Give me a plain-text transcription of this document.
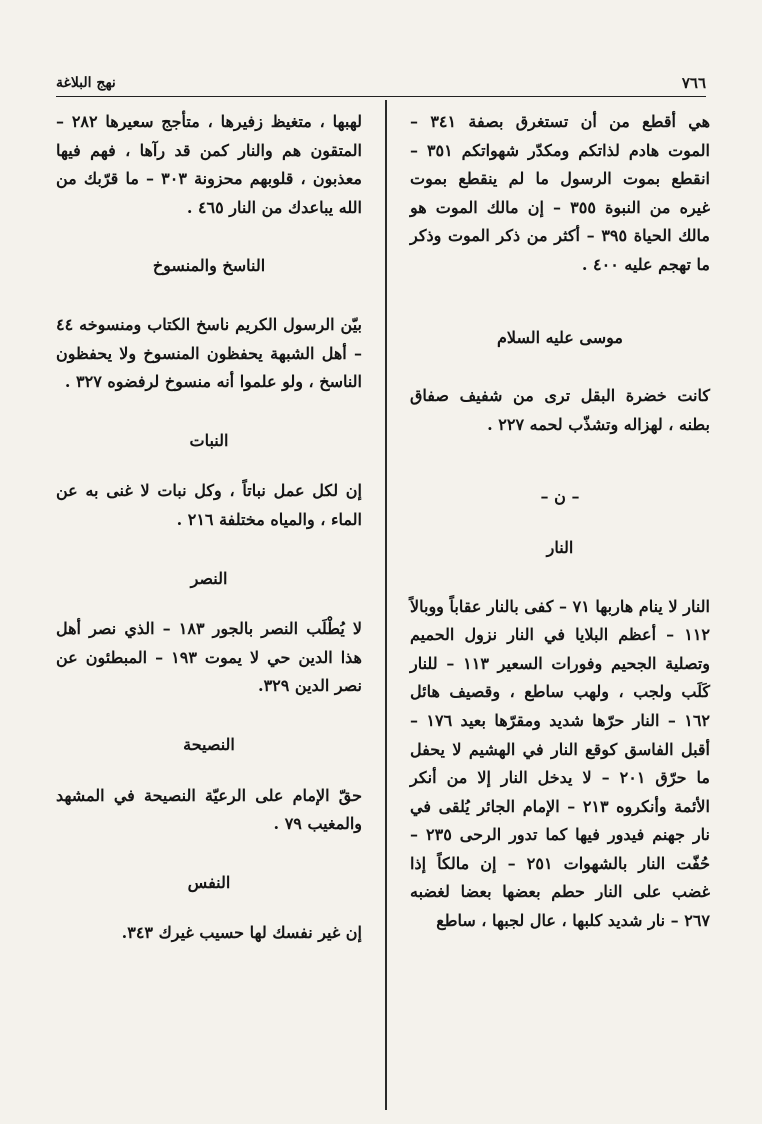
٧٦٦
نهج البلاغة

هي أقطع من أن تستغرق بصفة ٣٤١ – الموت هادم لذاتكم ومكدّر شهواتكم ٣٥١ – انقطع بموت الرسول ما لم ينقطع بموت غيره من النبوة ٣٥٥ – إن مالك الموت هو مالك الحياة ٣٩٥ – أكثر من ذكر الموت وذكر ما تهجم عليه ٤٠٠ .

موسى عليه السلام

كانت خضرة البقل ترى من شفيف صفاق بطنه ، لهزاله وتشذّب لحمه ٢٢٧ .

– ن –
النار

النار لا ينام هاربها ٧١ – كفى بالنار عقاباً ووبالاً ١١٢ – أعظم البلايا في النار نزول الحميم وتصلية الجحيم وفورات السعير ١١٣ – للنار كَلَب ولجب ، ولهب ساطع ، وقصيف هائل ١٦٢ – النار حرّها شديد ومقرّها بعيد ١٧٦ – أقبل الفاسق كوقع النار في الهشيم لا يحفل ما حرّق ٢٠١ – لا يدخل النار إلا من أنكر الأئمة وأنكروه ٢١٣ – الإمام الجائر يُلقى في نار جهنم فيدور فيها كما تدور الرحى ٢٣٥ – حُفّت النار بالشهوات ٢٥١ – إن مالكاً إذا غضب على النار حطم بعضها بعضا لغضبه ٢٦٧ – نار شديد كلبها ، عال لجبها ، ساطع

لهبها ، متغيظ زفيرها ، متأجج سعيرها ٢٨٢ – المتقون هم والنار كمن قد رآها ، فهم فيها معذبون ، قلوبهم محزونة ٣٠٣ – ما قرّبك من الله يباعدك من النار ٤٦٥ .

الناسخ والمنسوخ

بيّن الرسول الكريم ناسخ الكتاب ومنسوخه ٤٤ – أهل الشبهة يحفظون المنسوخ ولا يحفظون الناسخ ، ولو علموا أنه منسوخ لرفضوه ٣٢٧ .

النبات

إن لكل عمل نباتاً ، وكل نبات لا غنى به عن الماء ، والمياه مختلفة ٢١٦ .

النصر

لا يُطْلَب النصر بالجور ١٨٣ – الذي نصر أهل هذا الدين حي لا يموت ١٩٣ – المبطئون عن نصر الدين ٣٢٩.

النصيحة

حقّ الإمام على الرعيّة النصيحة في المشهد والمغيب ٧٩ .

النفس

إن غير نفسك لها حسيب غيرك ٣٤٣.
